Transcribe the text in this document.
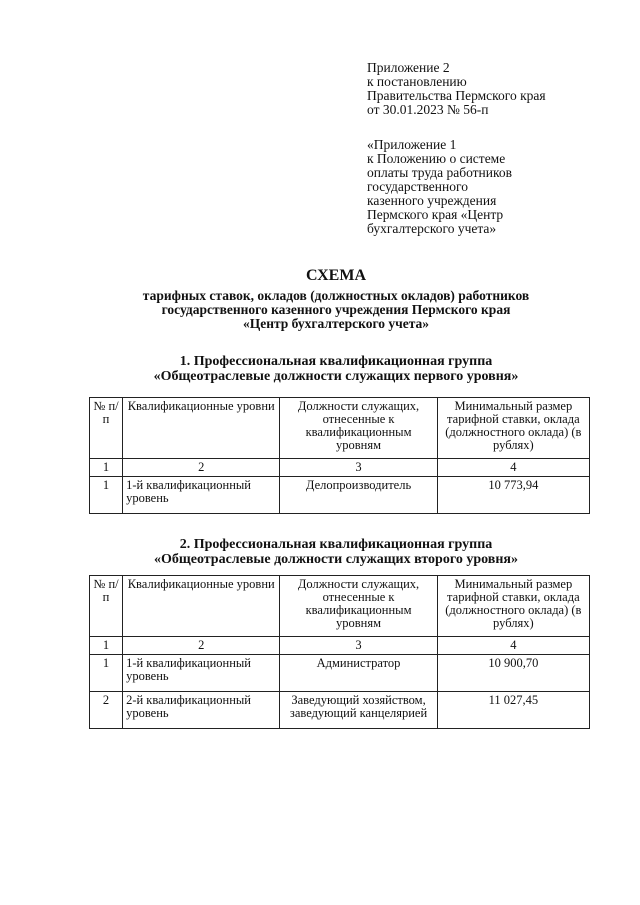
Приложение 2
к постановлению
Правительства Пермского края
от 30.01.2023 № 56-п
«Приложение 1
к Положению о системе
оплаты труда работников
государственного
казенного учреждения
Пермского края «Центр
бухгалтерского учета»
СХЕМА
тарифных ставок, окладов (должностных окладов) работников
государственного казенного учреждения Пермского края
«Центр бухгалтерского учета»
1. Профессиональная квалификационная группа
«Общеотраслевые должности служащих первого уровня»
№ п/п	Квалификационные уровни	Должности служащих, отнесенные к квалификационным уровням	Минимальный размер тарифной ставки, оклада (должностного оклада) (в рублях)
1	2	3	4
1	1-й квалификационный уровень	Делопроизводитель	10 773,94
2. Профессиональная квалификационная группа
«Общеотраслевые должности служащих второго уровня»
№ п/п	Квалификационные уровни	Должности служащих, отнесенные к квалификационным уровням	Минимальный размер тарифной ставки, оклада (должностного оклада) (в рублях)
1	2	3	4
1	1-й квалификационный уровень	Администратор	10 900,70
2	2-й квалификационный уровень	Заведующий хозяйством, заведующий канцелярией	11 027,45
